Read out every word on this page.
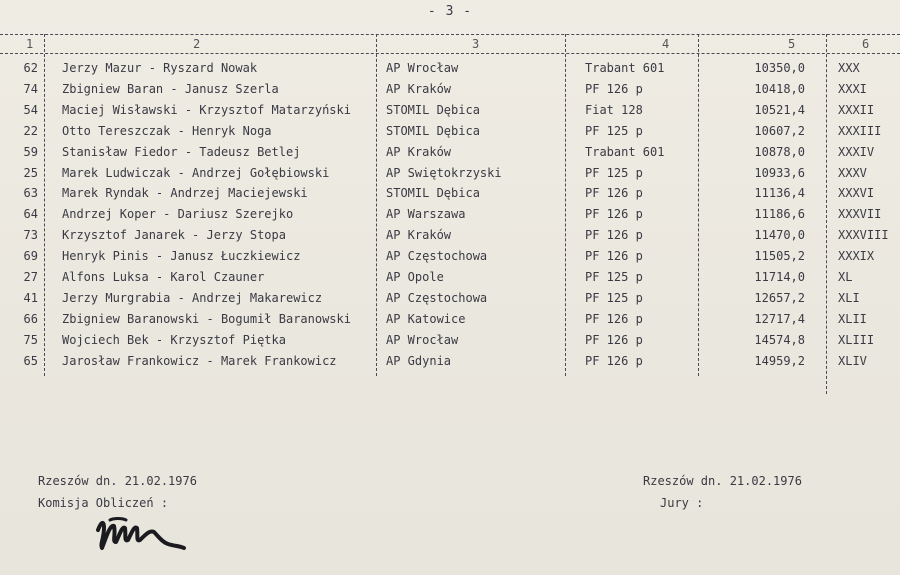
- 3 -
1	2	3	4	5	6
62 Jerzy Mazur - Ryszard Nowak	AP Wrocław	Trabant 601	10350,0	XXX
74 Zbigniew Baran - Janusz Szerla	AP Kraków	PF 126 p	10418,0	XXXI
54 Maciej Wisławski - Krzysztof Matarzyński	STOMIL Dębica	Fiat 128	10521,4	XXXII
22 Otto Tereszczak - Henryk Noga	STOMIL Dębica	PF 125 p	10607,2	XXXIII
59 Stanisław Fiedor - Tadeusz Betlej	AP Kraków	Trabant 601	10878,0	XXXIV
25 Marek Ludwiczak - Andrzej Gołębiowski	AP Swiętokrzyski	PF 125 p	10933,6	XXXV
63 Marek Ryndak - Andrzej Maciejewski	STOMIL Dębica	PF 126 p	11136,4	XXXVI
64 Andrzej Koper - Dariusz Szerejko	AP Warszawa	PF 126 p	11186,6	XXXVII
73 Krzysztof Janarek - Jerzy Stopa	AP Kraków	PF 126 p	11470,0	XXXVIII
69 Henryk Pinis - Janusz Łuczkiewicz	AP Częstochowa	PF 126 p	11505,2	XXXIX
27 Alfons Luksa - Karol Czauner	AP Opole	PF 125 p	11714,0	XL
41 Jerzy Murgrabia - Andrzej Makarewicz	AP Częstochowa	PF 125 p	12657,2	XLI
66 Zbigniew Baranowski - Bogumił Baranowski	AP Katowice	PF 126 p	12717,4	XLII
75 Wojciech Bek - Krzysztof Piętka	AP Wrocław	PF 126 p	14574,8	XLIII
65 Jarosław Frankowicz - Marek Frankowicz	AP Gdynia	PF 126 p	14959,2	XLIV
Rzeszów dn. 21.02.1976
Komisja Obliczeń :
Rzeszów dn. 21.02.1976
Jury :
